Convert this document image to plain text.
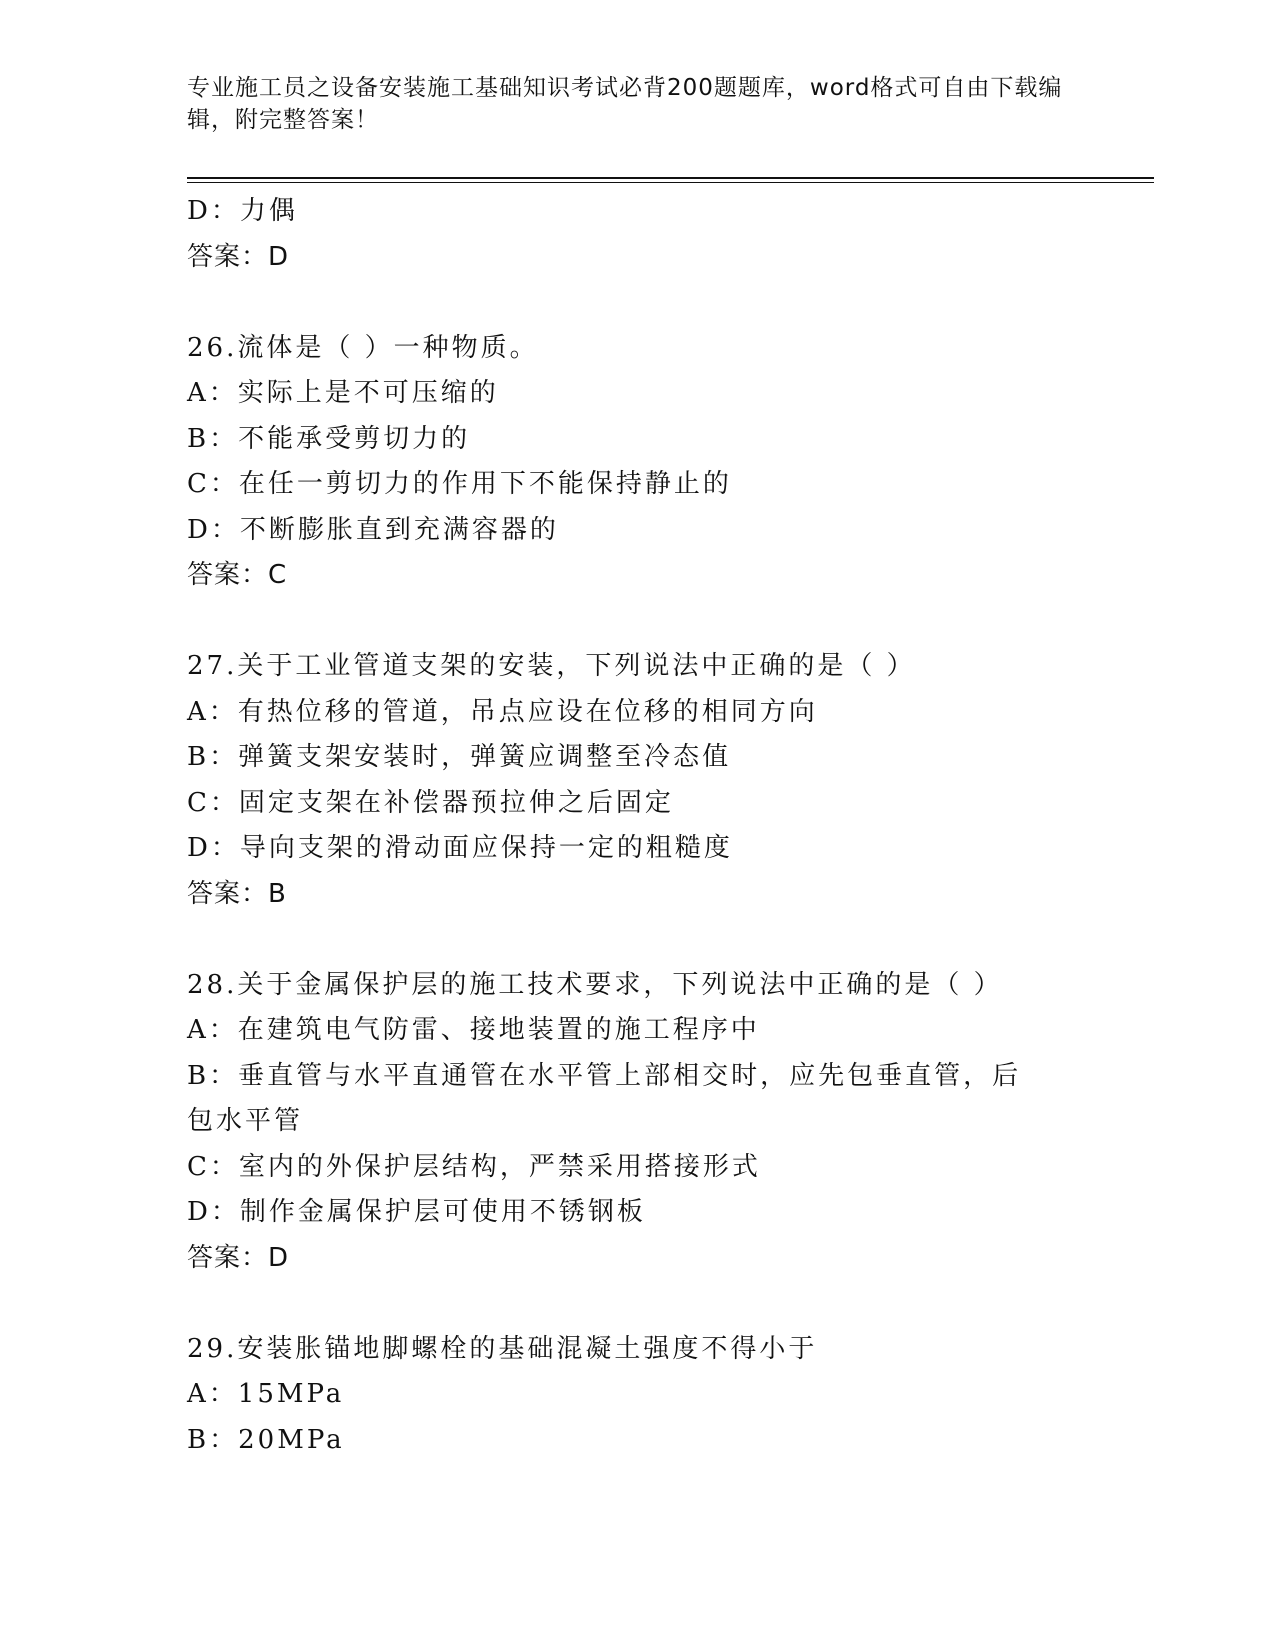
专业施工员之设备安装施工基础知识考试必背200题题库，word格式可自由下载编辑，附完整答案！
D：力偶
答案：D
26.流体是（ ）一种物质。
A：实际上是不可压缩的
B：不能承受剪切力的
C：在任一剪切力的作用下不能保持静止的
D：不断膨胀直到充满容器的
答案：C
27.关于工业管道支架的安装，下列说法中正确的是（ ）
A：有热位移的管道，吊点应设在位移的相同方向
B：弹簧支架安装时，弹簧应调整至冷态值
C：固定支架在补偿器预拉伸之后固定
D：导向支架的滑动面应保持一定的粗糙度
答案：B
28.关于金属保护层的施工技术要求，下列说法中正确的是（ ）
A：在建筑电气防雷、接地装置的施工程序中
B：垂直管与水平直通管在水平管上部相交时，应先包垂直管，后包水平管
C：室内的外保护层结构，严禁采用搭接形式
D：制作金属保护层可使用不锈钢板
答案：D
29.安装胀锚地脚螺栓的基础混凝土强度不得小于
A：15MPa
B：20MPa
